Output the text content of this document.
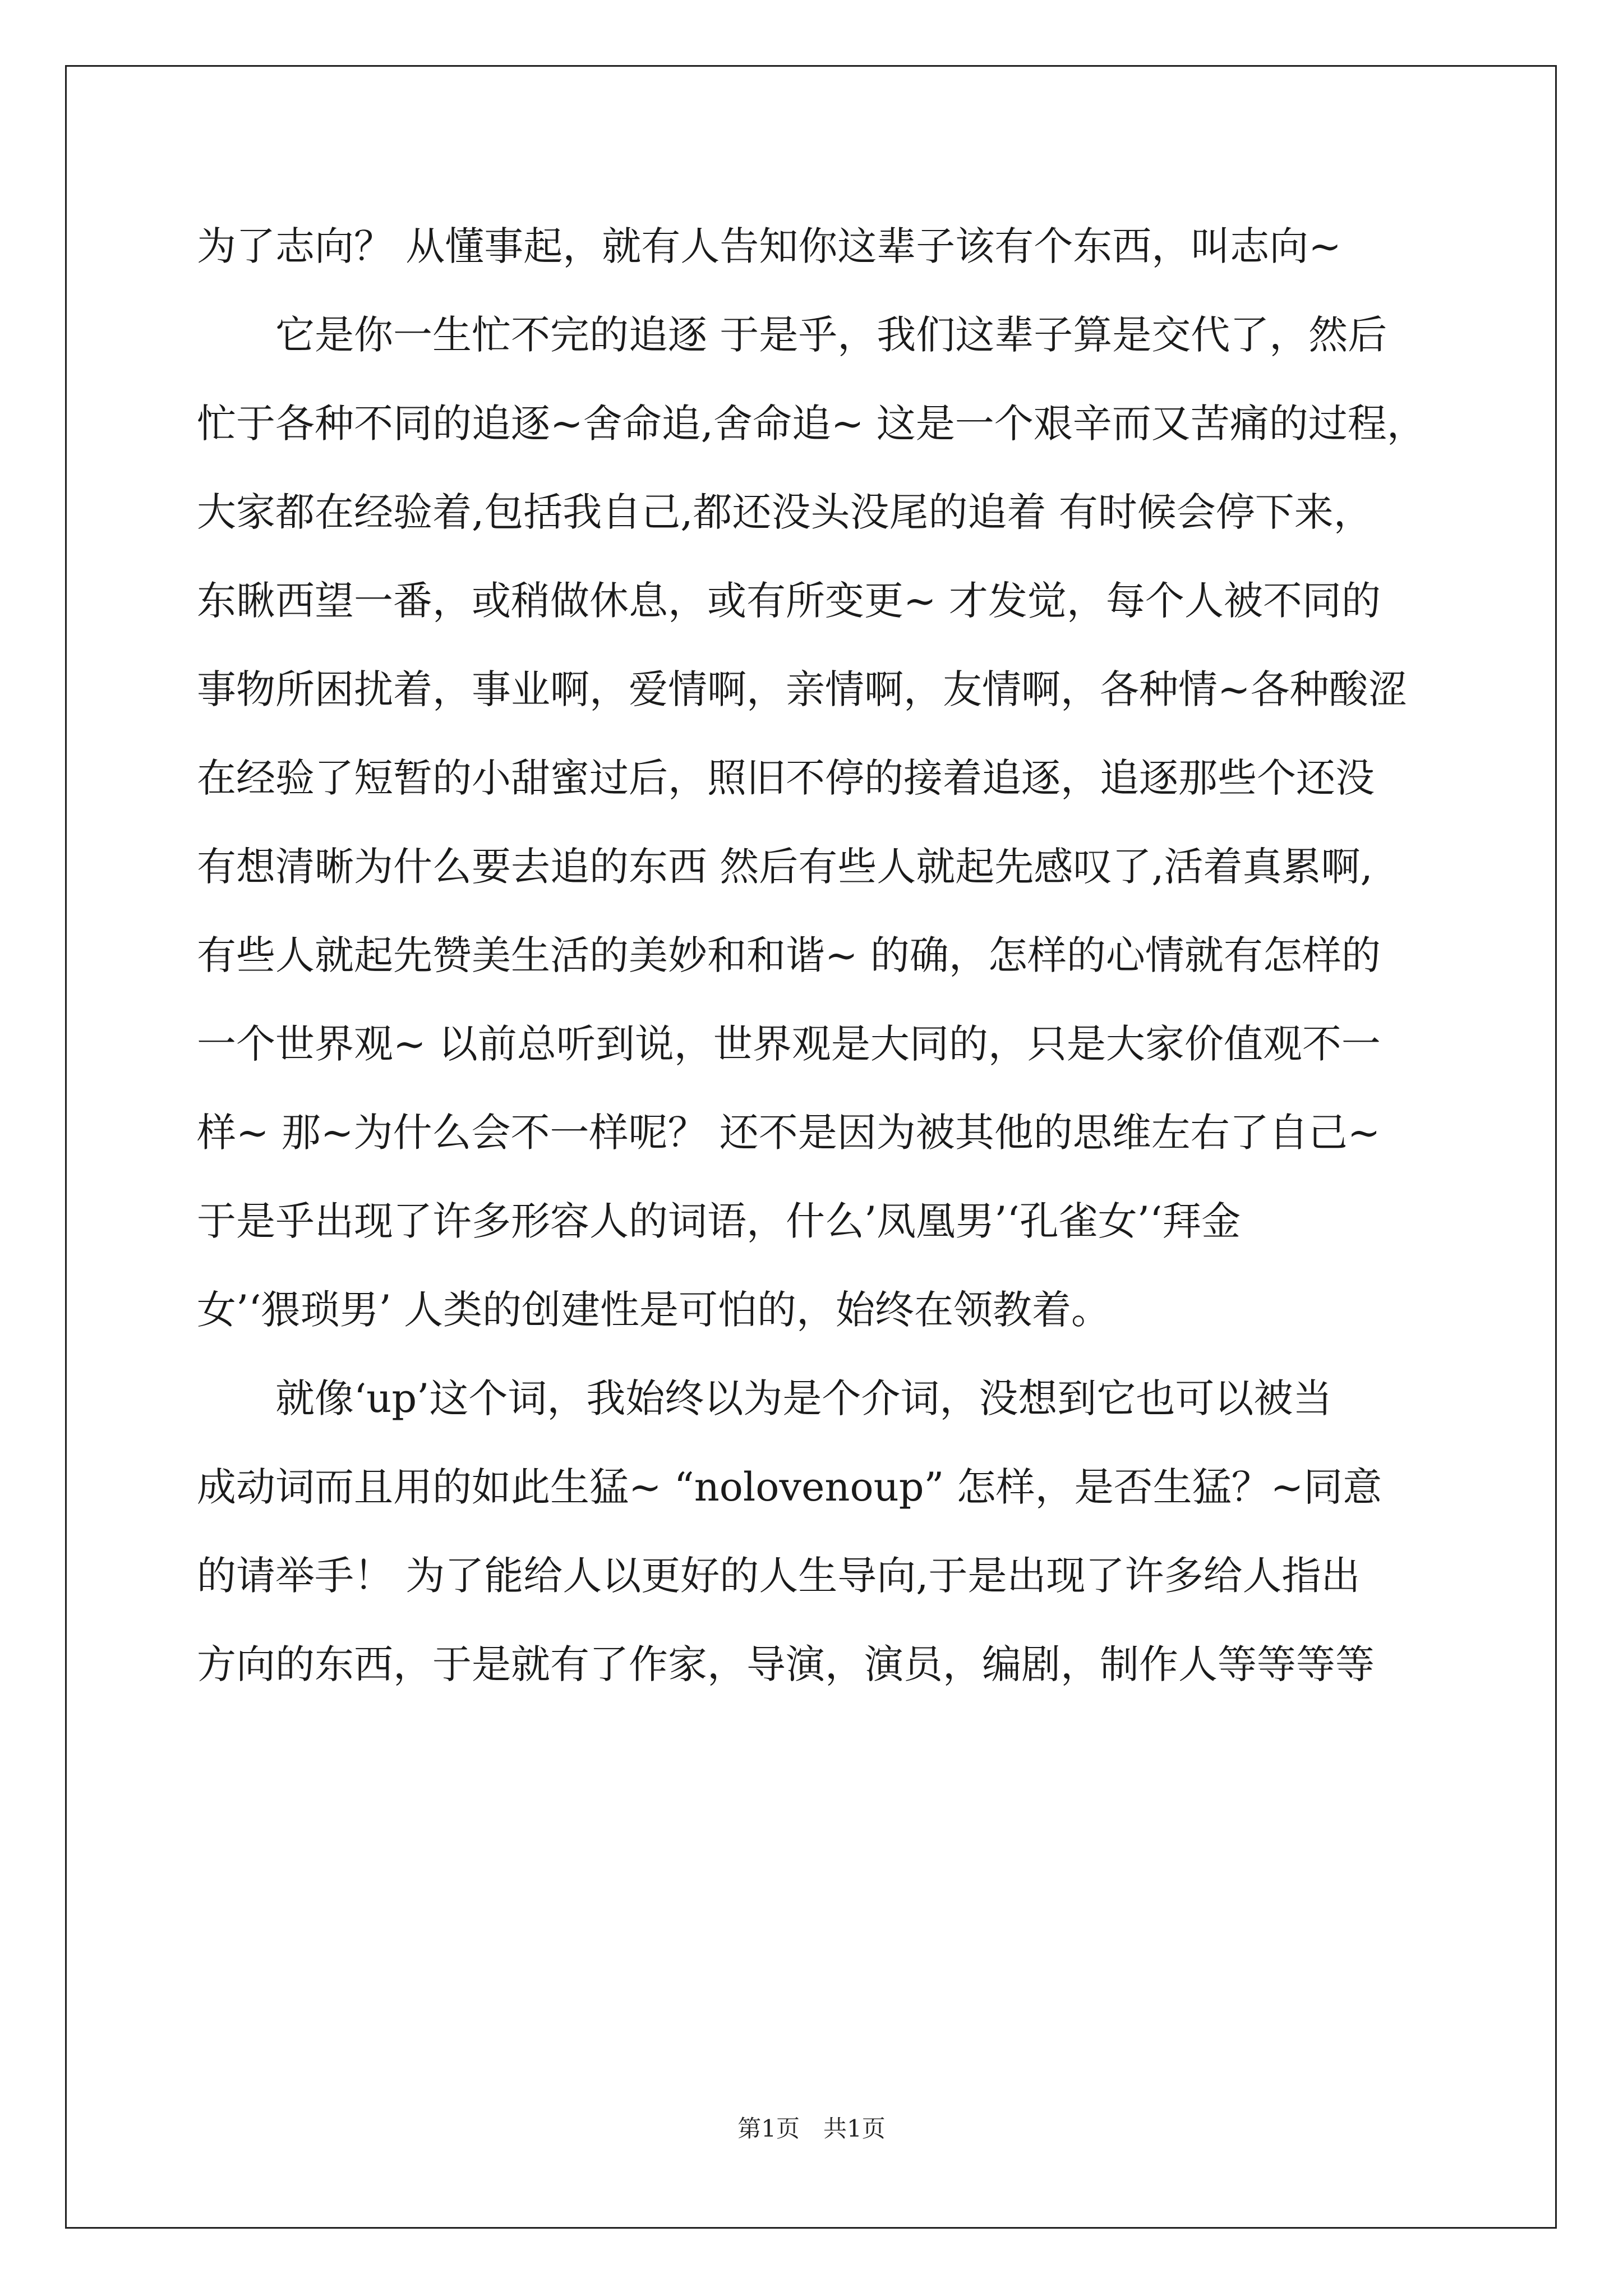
为了志向？ 从懂事起，就有人告知你这辈子该有个东西，叫志向~
　　它是你一生忙不完的追逐 于是乎，我们这辈子算是交代了，然后
忙于各种不同的追逐~舍命追,舍命追~ 这是一个艰辛而又苦痛的过程，
大家都在经验着,包括我自己,都还没头没尾的追着 有时候会停下来，
东瞅西望一番，或稍做休息，或有所变更~ 才发觉，每个人被不同的
事物所困扰着，事业啊，爱情啊，亲情啊，友情啊，各种情~各种酸涩
在经验了短暂的小甜蜜过后，照旧不停的接着追逐，追逐那些个还没
有想清晰为什么要去追的东西 然后有些人就起先感叹了,活着真累啊,
有些人就起先赞美生活的美妙和和谐~ 的确，怎样的心情就有怎样的
一个世界观~ 以前总听到说，世界观是大同的，只是大家价值观不一
样~ 那~为什么会不一样呢？ 还不是因为被其他的思维左右了自己~
于是乎出现了许多形容人的词语，什么’凤凰男’‘孔雀女’‘拜金
女’‘猥琐男’ 人类的创建性是可怕的，始终在领教着。
　　就像‘up’这个词，我始终以为是个介词，没想到它也可以被当
成动词而且用的如此生猛~ “nolovenoup” 怎样，是否生猛？~同意
的请举手！ 为了能给人以更好的人生导向,于是出现了许多给人指出
方向的东西，于是就有了作家，导演，演员，编剧，制作人等等等等
第1页　共1页
